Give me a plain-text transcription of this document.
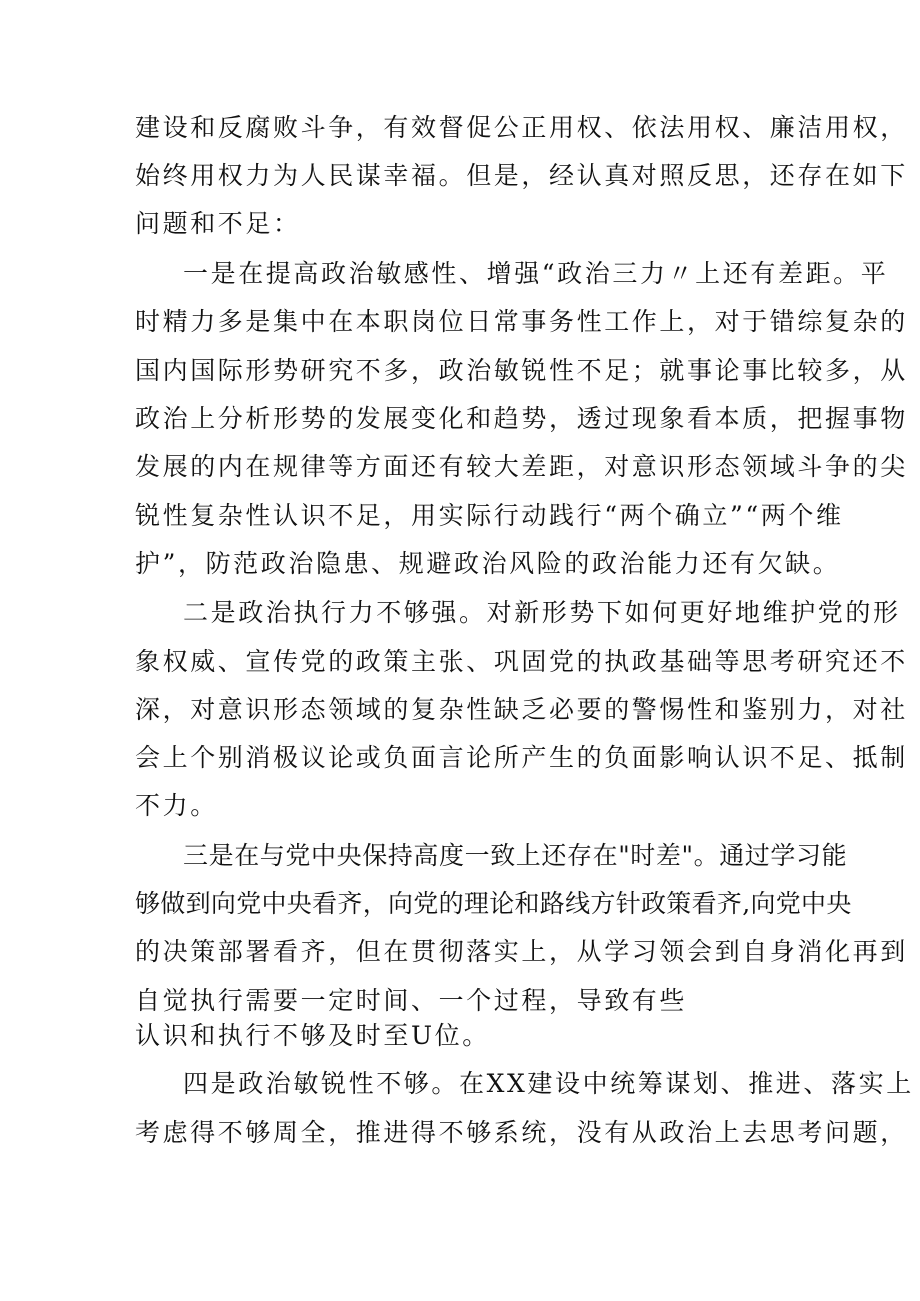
建设和反腐败斗争，有效督促公正用权、依法用权、廉洁用权，
始终用权力为人民谋幸福。但是，经认真对照反思，还存在如下
问题和不足：
一是在提高政治敏感性、增强“政治三力〃上还有差距。平
时精力多是集中在本职岗位日常事务性工作上，对于错综复杂的
国内国际形势研究不多，政治敏锐性不足；就事论事比较多，从
政治上分析形势的发展变化和趋势，透过现象看本质，把握事物
发展的内在规律等方面还有较大差距，对意识形态领域斗争的尖
锐性复杂性认识不足，用实际行动践行“两个确立”“两个维
护”，防范政治隐患、规避政治风险的政治能力还有欠缺。
二是政治执行力不够强。对新形势下如何更好地维护党的形
象权威、宣传党的政策主张、巩固党的执政基础等思考研究还不
深，对意识形态领域的复杂性缺乏必要的警惕性和鉴别力，对社
会上个别消极议论或负面言论所产生的负面影响认识不足、抵制
不力。
三是在与党中央保持高度一致上还存在"时差"。通过学习能
够做到向党中央看齐，向党的理论和路线方针政策看齐,向党中央
的决策部署看齐，但在贯彻落实上，从学习领会到自身消化再到
自觉执行需要一定时间、一个过程，导致有些
认识和执行不够及时至U位。
四是政治敏锐性不够。在XX建设中统筹谋划、推进、落实上
考虑得不够周全，推进得不够系统，没有从政治上去思考问题，
